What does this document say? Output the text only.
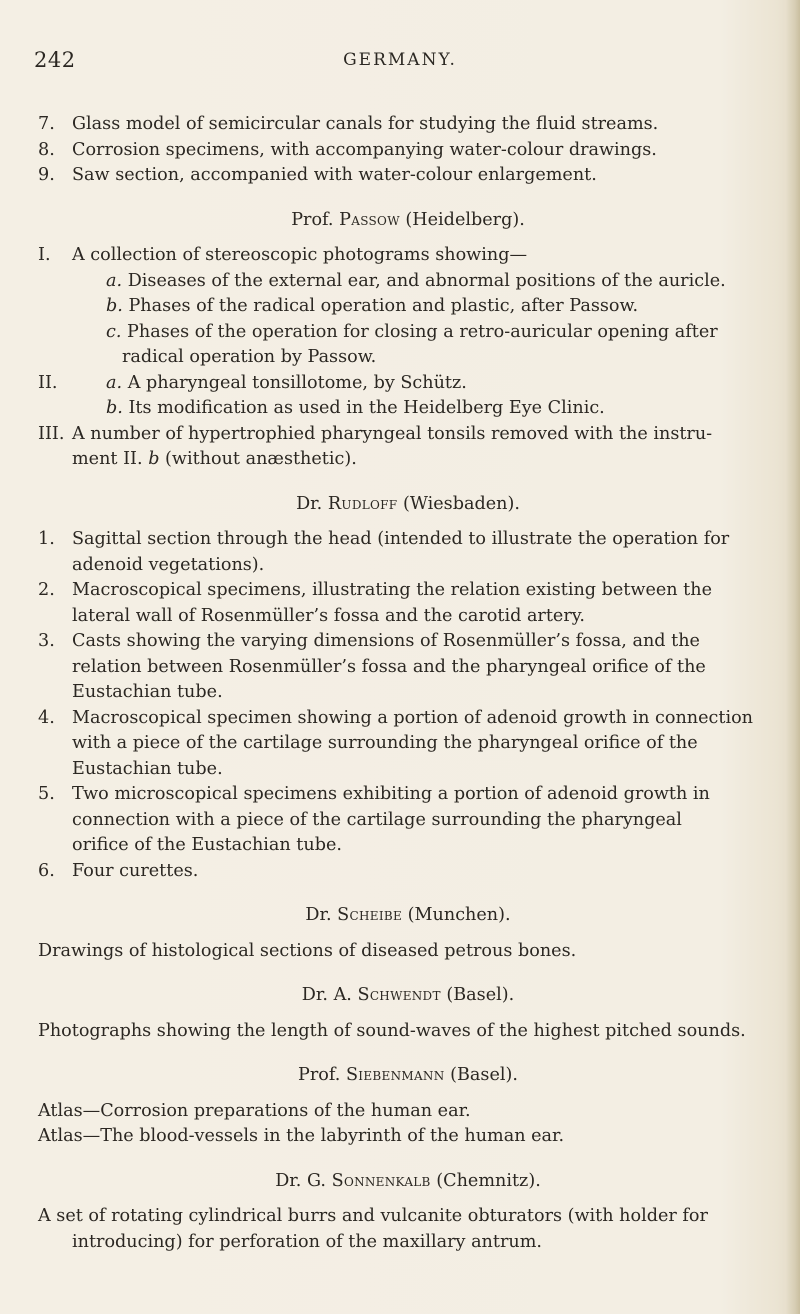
242	GERMANY.
7. Glass model of semicircular canals for studying the fluid streams.
8. Corrosion specimens, with accompanying water-colour drawings.
9. Saw section, accompanied with water-colour enlargement.
Prof. Passow (Heidelberg).
I. A collection of stereoscopic photograms showing—
a. Diseases of the external ear, and abnormal positions of the auricle.
b. Phases of the radical operation and plastic, after Passow.
c. Phases of the operation for closing a retro-auricular opening after
radical operation by Passow.
II.	a. A pharyngeal tonsillotome, by Schütz.
b. Its modification as used in the Heidelberg Eye Clinic.
III. A number of hypertrophied pharyngeal tonsils removed with the instru-
ment II. b (without anæsthetic).
Dr. Rudloff (Wiesbaden).
1. Sagittal section through the head (intended to illustrate the operation for
adenoid vegetations).
2. Macroscopical specimens, illustrating the relation existing between the
lateral wall of Rosenmüller’s fossa and the carotid artery.
3. Casts showing the varying dimensions of Rosenmüller’s fossa, and the
relation between Rosenmüller’s fossa and the pharyngeal orifice of the
Eustachian tube.
4. Macroscopical specimen showing a portion of adenoid growth in connection
with a piece of the cartilage surrounding the pharyngeal orifice of the
Eustachian tube.
5. Two microscopical specimens exhibiting a portion of adenoid growth in
connection with a piece of the cartilage surrounding the pharyngeal
orifice of the Eustachian tube.
6. Four curettes.
Dr. Scheibe (Munchen).
Drawings of histological sections of diseased petrous bones.
Dr. A. Schwendt (Basel).
Photographs showing the length of sound-waves of the highest pitched sounds.
Prof. Siebenmann (Basel).
Atlas—Corrosion preparations of the human ear.
Atlas—The blood-vessels in the labyrinth of the human ear.
Dr. G. Sonnenkalb (Chemnitz).
A set of rotating cylindrical burrs and vulcanite obturators (with holder for
introducing) for perforation of the maxillary antrum.
